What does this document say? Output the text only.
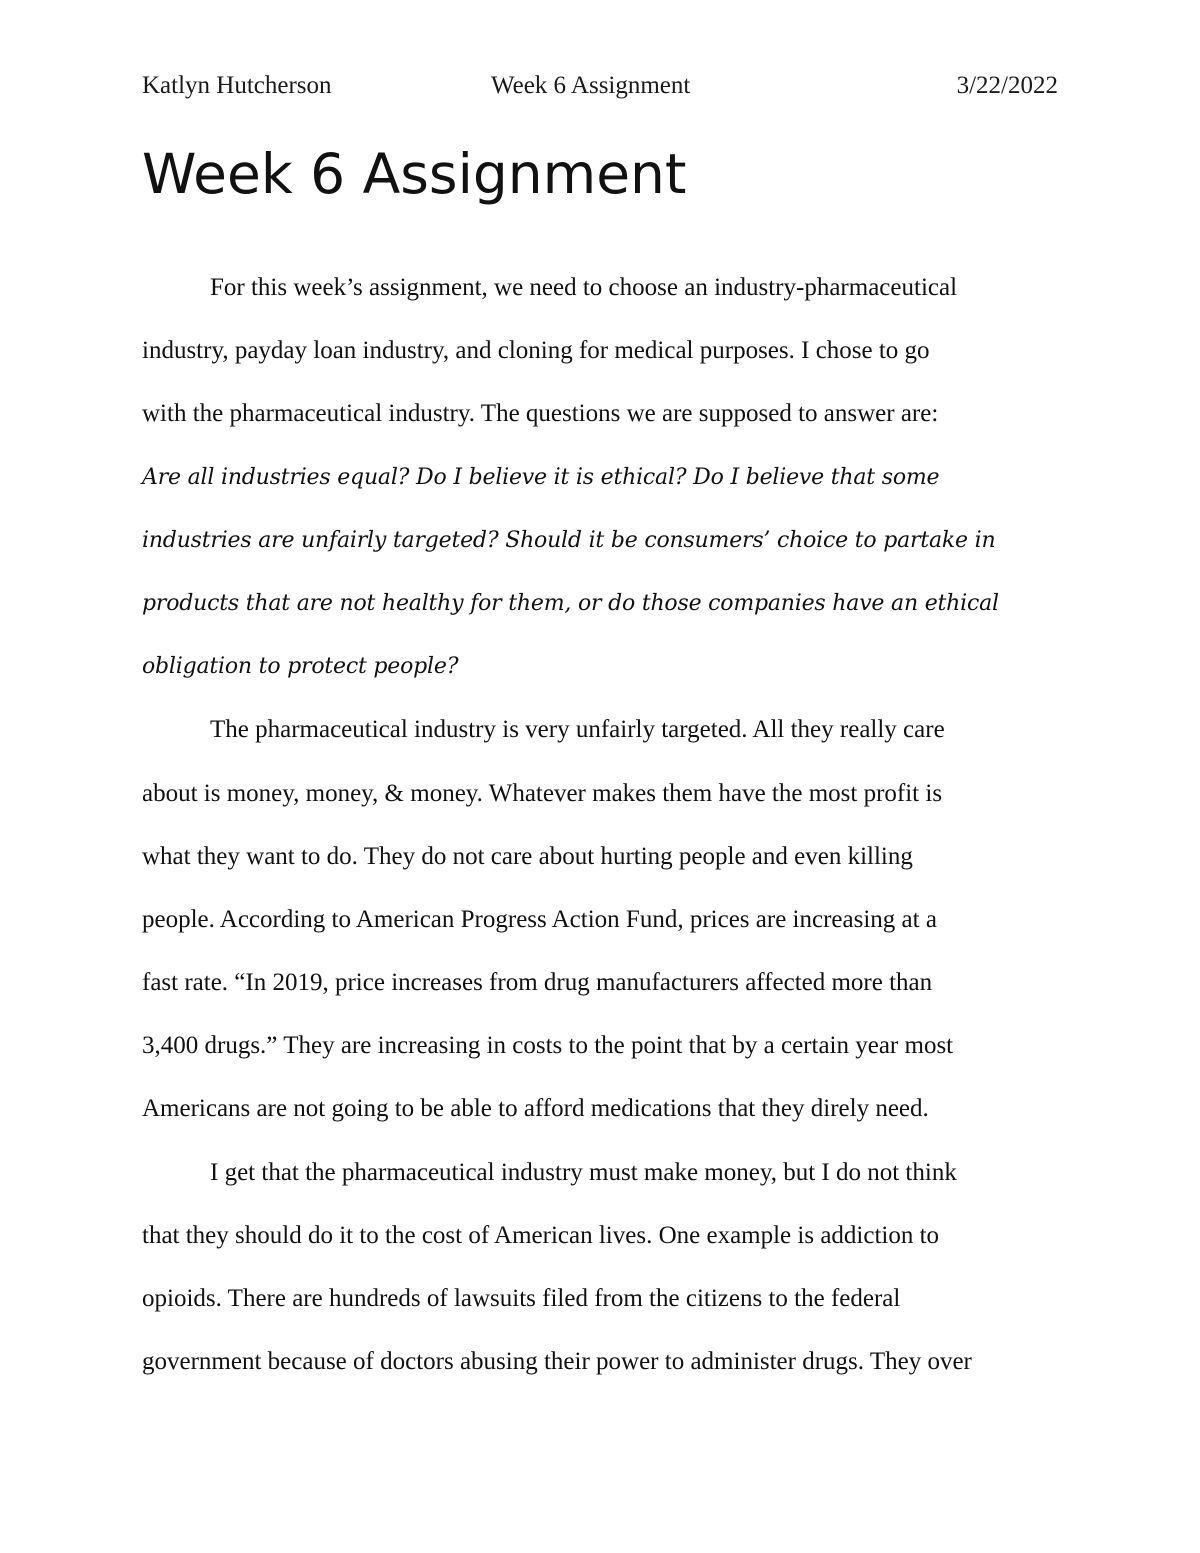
Katlyn Hutcherson	Week 6 Assignment	3/22/2022
Week 6 Assignment
For this week’s assignment, we need to choose an industry-pharmaceutical
industry, payday loan industry, and cloning for medical purposes. I chose to go
with the pharmaceutical industry. The questions we are supposed to answer are:
Are all industries equal? Do I believe it is ethical? Do I believe that some
industries are unfairly targeted? Should it be consumers’ choice to partake in
products that are not healthy for them, or do those companies have an ethical
obligation to protect people?
The pharmaceutical industry is very unfairly targeted. All they really care
about is money, money, & money. Whatever makes them have the most profit is
what they want to do. They do not care about hurting people and even killing
people. According to American Progress Action Fund, prices are increasing at a
fast rate. “In 2019, price increases from drug manufacturers affected more than
3,400 drugs.” They are increasing in costs to the point that by a certain year most
Americans are not going to be able to afford medications that they direly need.
I get that the pharmaceutical industry must make money, but I do not think
that they should do it to the cost of American lives. One example is addiction to
opioids. There are hundreds of lawsuits filed from the citizens to the federal
government because of doctors abusing their power to administer drugs. They over
